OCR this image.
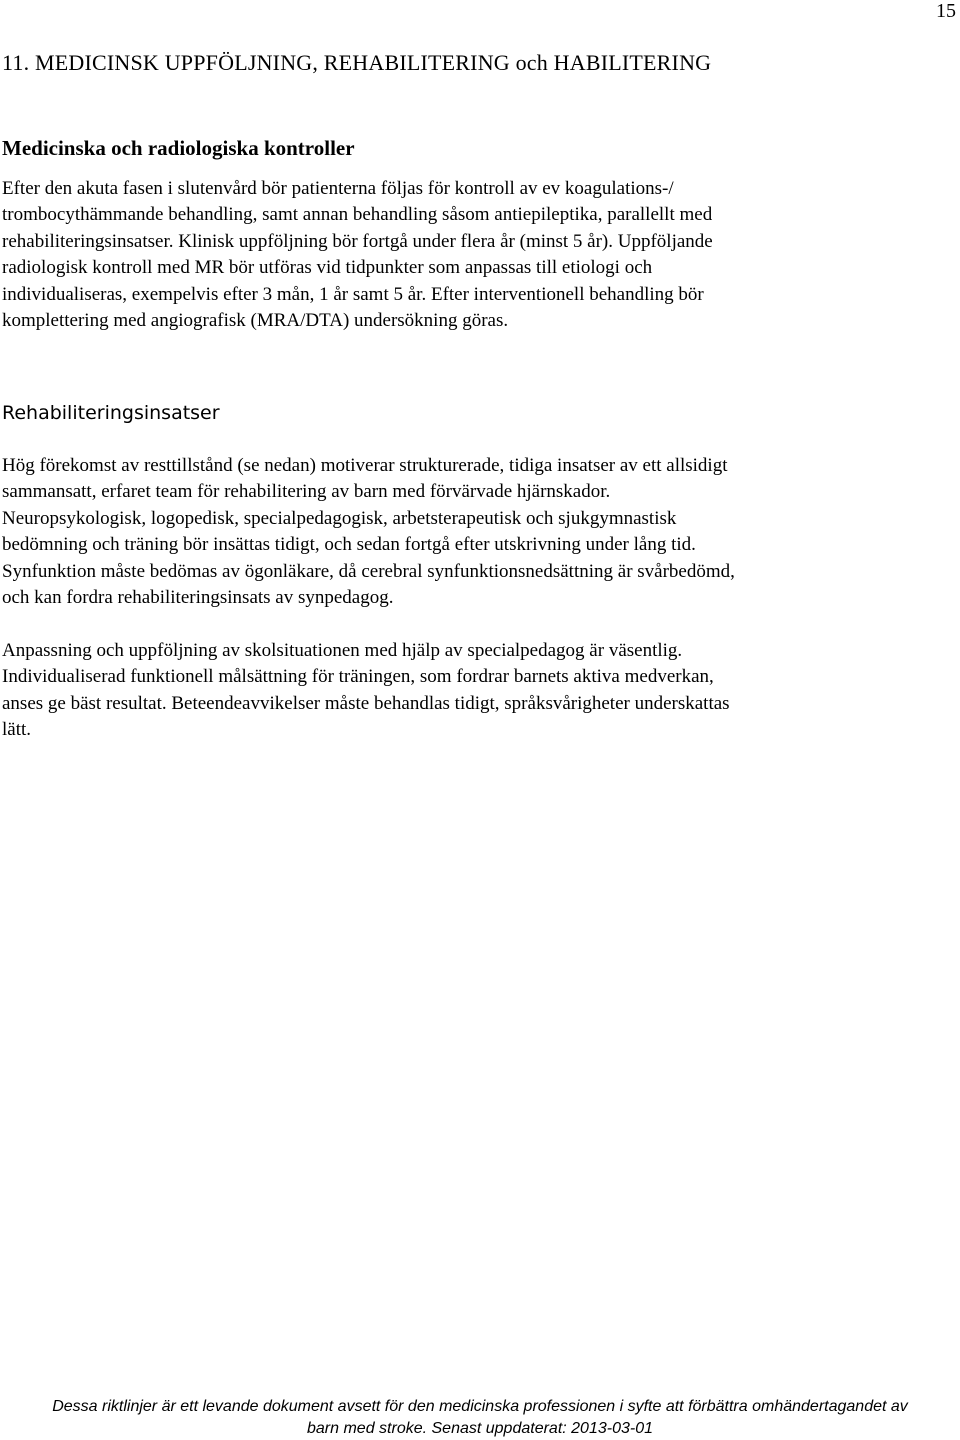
15
11. MEDICINSK UPPFÖLJNING, REHABILITERING och HABILITERING
Medicinska och radiologiska kontroller

Efter den akuta fasen i slutenvård bör patienterna följas för kontroll av ev koagulations-/
trombocythämmande behandling, samt annan behandling såsom antiepileptika, parallellt med
rehabiliteringsinsatser. Klinisk uppföljning bör fortgå under flera år (minst 5 år). Uppföljande
radiologisk kontroll med MR bör utföras vid tidpunkter som anpassas till etiologi och
individualiseras, exempelvis efter 3 mån, 1 år samt 5 år. Efter interventionell behandling bör
komplettering med angiografisk (MRA/DTA) undersökning göras.

Rehabiliteringsinsatser

Hög förekomst av resttillstånd (se nedan) motiverar strukturerade, tidiga insatser av ett allsidigt
sammansatt, erfaret team för rehabilitering av barn med förvärvade hjärnskador.
Neuropsykologisk, logopedisk, specialpedagogisk, arbetsterapeutisk och sjukgymnastisk
bedömning och träning bör insättas tidigt, och sedan fortgå efter utskrivning under lång tid.
Synfunktion måste bedömas av ögonläkare, då cerebral synfunktionsnedsättning är svårbedömd,
och kan fordra rehabiliteringsinsats av synpedagog.

Anpassning och uppföljning av skolsituationen med hjälp av specialpedagog är väsentlig.
Individualiserad funktionell målsättning för träningen, som fordrar barnets aktiva medverkan,
anses ge bäst resultat. Beteendeavvikelser måste behandlas tidigt, språksvårigheter underskattas
lätt.

Dessa riktlinjer är ett levande dokument avsett för den medicinska professionen i syfte att förbättra omhändertagandet av
barn med stroke. Senast uppdaterat: 2013-03-01
